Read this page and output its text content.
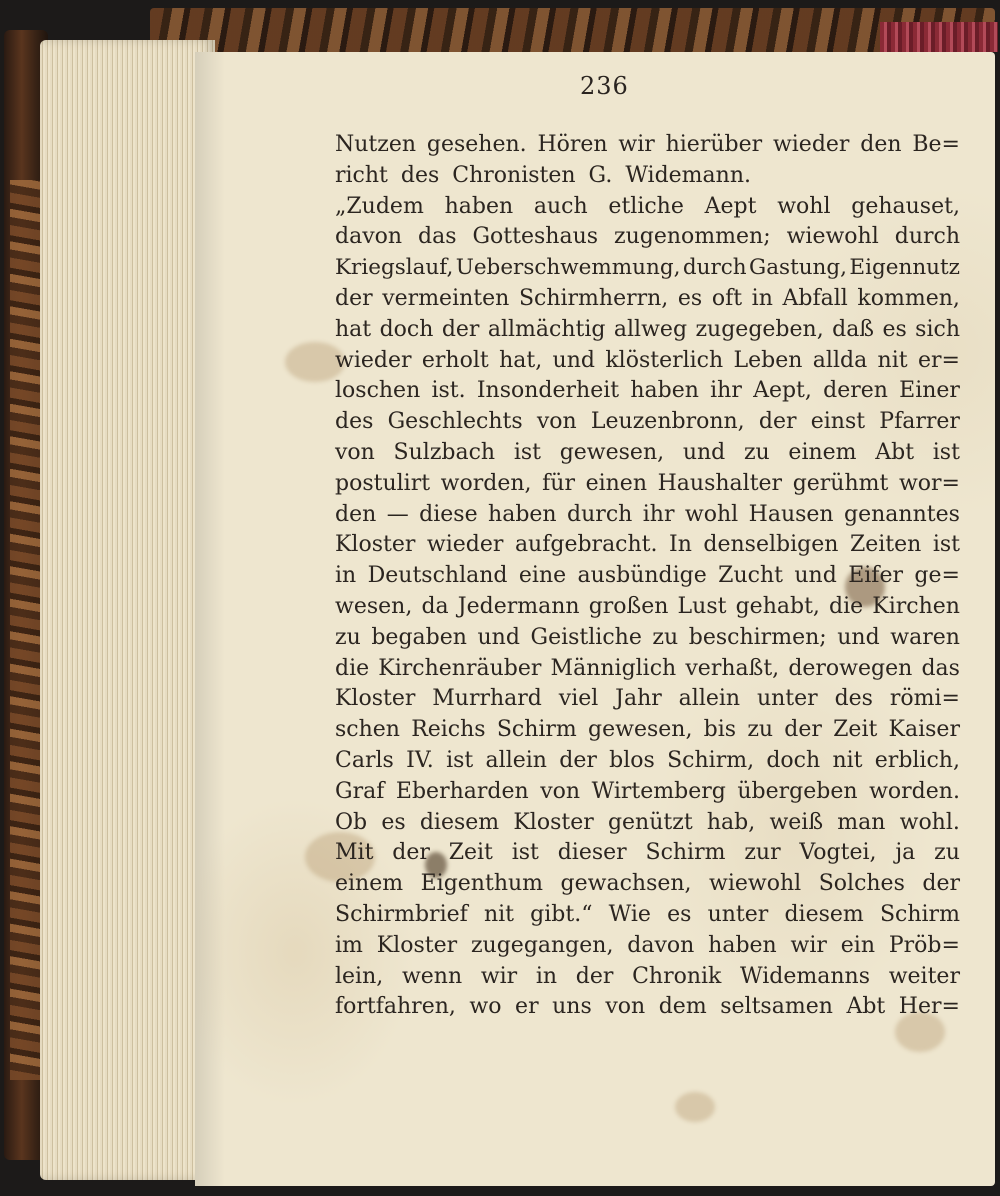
236
Nutzen gesehen. Hören wir hierüber wieder den Be=
richt des Chronisten G. Widemann.
„Zudem haben auch etliche Aept wohl gehauset,
davon das Gotteshaus zugenommen; wiewohl durch
Kriegslauf, Ueberschwemmung, durch Gastung, Eigennutz
der vermeinten Schirmherrn, es oft in Abfall kommen,
hat doch der allmächtig allweg zugegeben, daß es sich
wieder erholt hat, und klösterlich Leben allda nit er=
loschen ist. Insonderheit haben ihr Aept, deren Einer
des Geschlechts von Leuzenbronn, der einst Pfarrer
von Sulzbach ist gewesen, und zu einem Abt ist
postulirt worden, für einen Haushalter gerühmt wor=
den — diese haben durch ihr wohl Hausen genanntes
Kloster wieder aufgebracht. In denselbigen Zeiten ist
in Deutschland eine ausbündige Zucht und Eifer ge=
wesen, da Jedermann großen Lust gehabt, die Kirchen
zu begaben und Geistliche zu beschirmen; und waren
die Kirchenräuber Männiglich verhaßt, derowegen das
Kloster Murrhard viel Jahr allein unter des römi=
schen Reichs Schirm gewesen, bis zu der Zeit Kaiser
Carls IV. ist allein der blos Schirm, doch nit erblich,
Graf Eberharden von Wirtemberg übergeben worden.
Ob es diesem Kloster genützt hab, weiß man wohl.
Mit der Zeit ist dieser Schirm zur Vogtei, ja zu
einem Eigenthum gewachsen, wiewohl Solches der
Schirmbrief nit gibt.“ Wie es unter diesem Schirm
im Kloster zugegangen, davon haben wir ein Pröb=
lein, wenn wir in der Chronik Widemanns weiter
fortfahren, wo er uns von dem seltsamen Abt Her=
